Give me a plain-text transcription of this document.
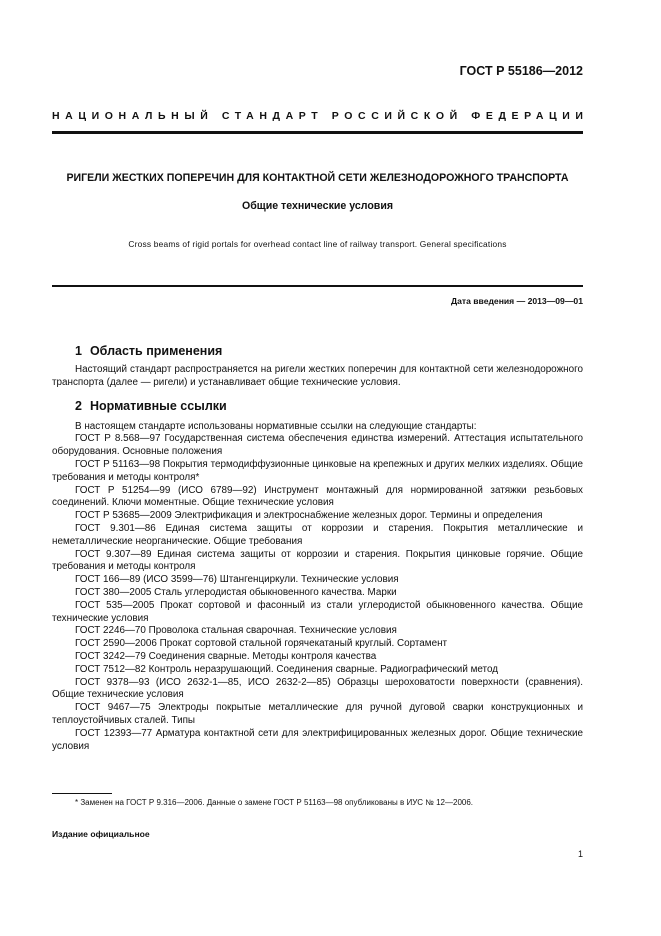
ГОСТ Р 55186—2012
НАЦИОНАЛЬНЫЙ СТАНДАРТ РОССИЙСКОЙ ФЕДЕРАЦИИ
РИГЕЛИ ЖЕСТКИХ ПОПЕРЕЧИН ДЛЯ КОНТАКТНОЙ СЕТИ ЖЕЛЕЗНОДОРОЖНОГО ТРАНСПОРТА
Общие технические условия
Cross beams of rigid portals for overhead contact line of railway transport. General specifications
Дата введения — 2013—09—01
1 Область применения

Настоящий стандарт распространяется на ригели жестких поперечин для контактной сети железнодорожного транспорта (далее — ригели) и устанавливает общие технические условия.

2 Нормативные ссылки

В настоящем стандарте использованы нормативные ссылки на следующие стандарты:

ГОСТ Р 8.568—97 Государственная система обеспечения единства измерений. Аттестация испытательного оборудования. Основные положения

ГОСТ Р 51163—98 Покрытия термодиффузионные цинковые на крепежных и других мелких изделиях. Общие требования и методы контроля*

ГОСТ Р 51254—99 (ИСО 6789—92) Инструмент монтажный для нормированной затяжки резьбовых соединений. Ключи моментные. Общие технические условия

ГОСТ Р 53685—2009 Электрификация и электроснабжение железных дорог. Термины и определения

ГОСТ 9.301—86 Единая система защиты от коррозии и старения. Покрытия металлические и неметаллические неорганические. Общие требования

ГОСТ 9.307—89 Единая система защиты от коррозии и старения. Покрытия цинковые горячие. Общие требования и методы контроля

ГОСТ 166—89 (ИСО 3599—76) Штангенциркули. Технические условия

ГОСТ 380—2005 Сталь углеродистая обыкновенного качества. Марки

ГОСТ 535—2005 Прокат сортовой и фасонный из стали углеродистой обыкновенного качества. Общие технические условия

ГОСТ 2246—70 Проволока стальная сварочная. Технические условия

ГОСТ 2590—2006 Прокат сортовой стальной горячекатаный круглый. Сортамент

ГОСТ 3242—79 Соединения сварные. Методы контроля качества

ГОСТ 7512—82 Контроль неразрушающий. Соединения сварные. Радиографический метод

ГОСТ 9378—93 (ИСО 2632-1—85, ИСО 2632-2—85) Образцы шероховатости поверхности (сравнения). Общие технические условия

ГОСТ 9467—75 Электроды покрытые металлические для ручной дуговой сварки конструкционных и теплоустойчивых сталей. Типы

ГОСТ 12393—77 Арматура контактной сети для электрифицированных железных дорог. Общие технические условия

* Заменен на ГОСТ Р 9.316—2006. Данные о замене ГОСТ Р 51163—98 опубликованы в ИУС № 12—2006.
Издание официальное
1
